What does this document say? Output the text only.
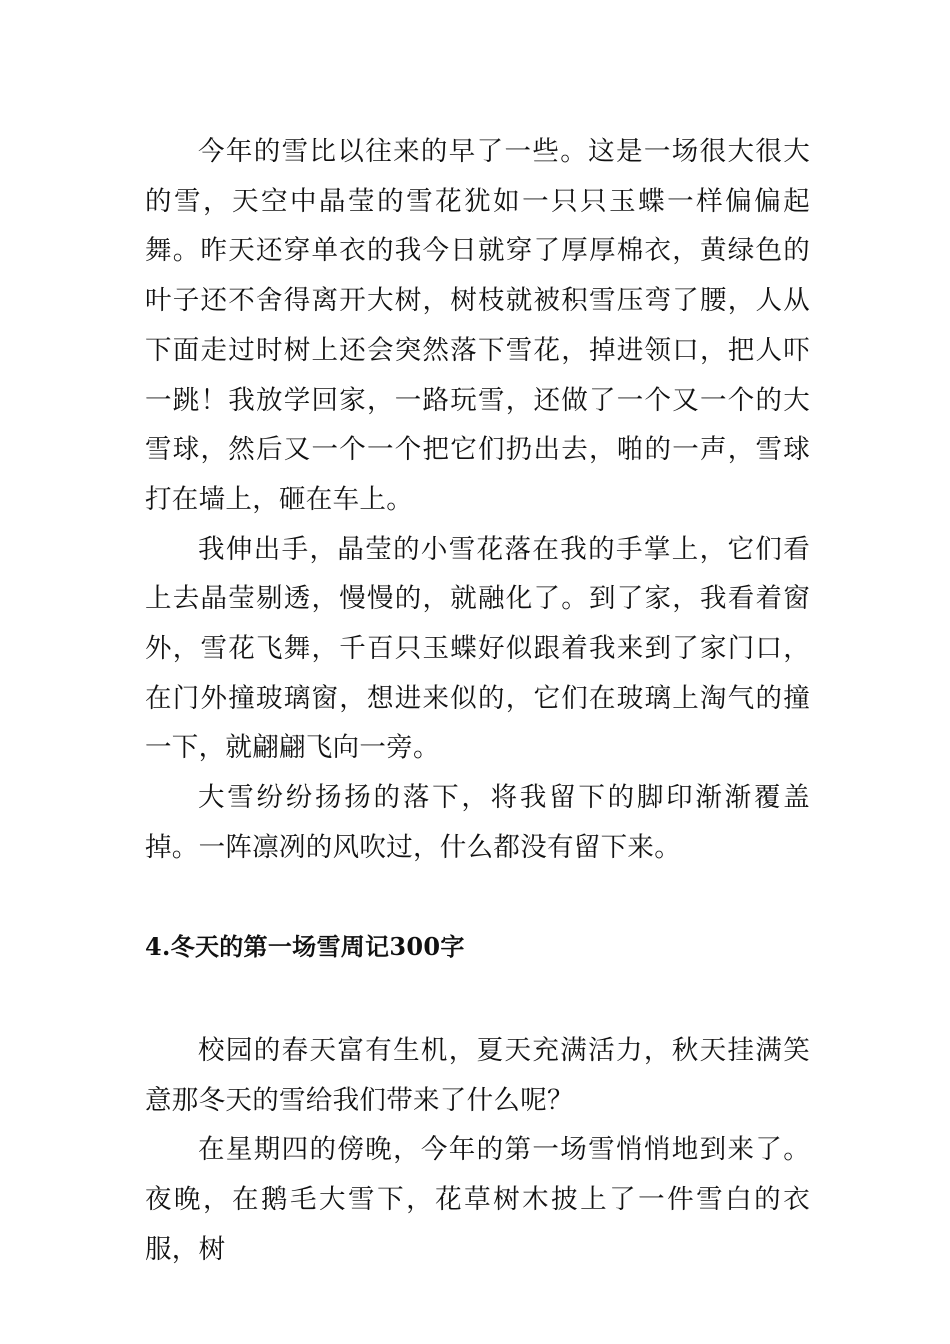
今年的雪比以往来的早了一些。这是一场很大很大的雪，天空中晶莹的雪花犹如一只只玉蝶一样偏偏起舞。昨天还穿单衣的我今日就穿了厚厚棉衣，黄绿色的叶子还不舍得离开大树，树枝就被积雪压弯了腰，人从下面走过时树上还会突然落下雪花，掉进领口，把人吓一跳！我放学回家，一路玩雪，还做了一个又一个的大雪球，然后又一个一个把它们扔出去，啪的一声，雪球打在墙上，砸在车上。

我伸出手，晶莹的小雪花落在我的手掌上，它们看上去晶莹剔透，慢慢的，就融化了。到了家，我看着窗外，雪花飞舞，千百只玉蝶好似跟着我来到了家门口，在门外撞玻璃窗，想进来似的，它们在玻璃上淘气的撞一下，就翩翩飞向一旁。

大雪纷纷扬扬的落下，将我留下的脚印渐渐覆盖掉。一阵凛冽的风吹过，什么都没有留下来。

4.冬天的第一场雪周记300字

校园的春天富有生机，夏天充满活力，秋天挂满笑意那冬天的雪给我们带来了什么呢？

在星期四的傍晚，今年的第一场雪悄悄地到来了。夜晚，在鹅毛大雪下，花草树木披上了一件雪白的衣服，树
